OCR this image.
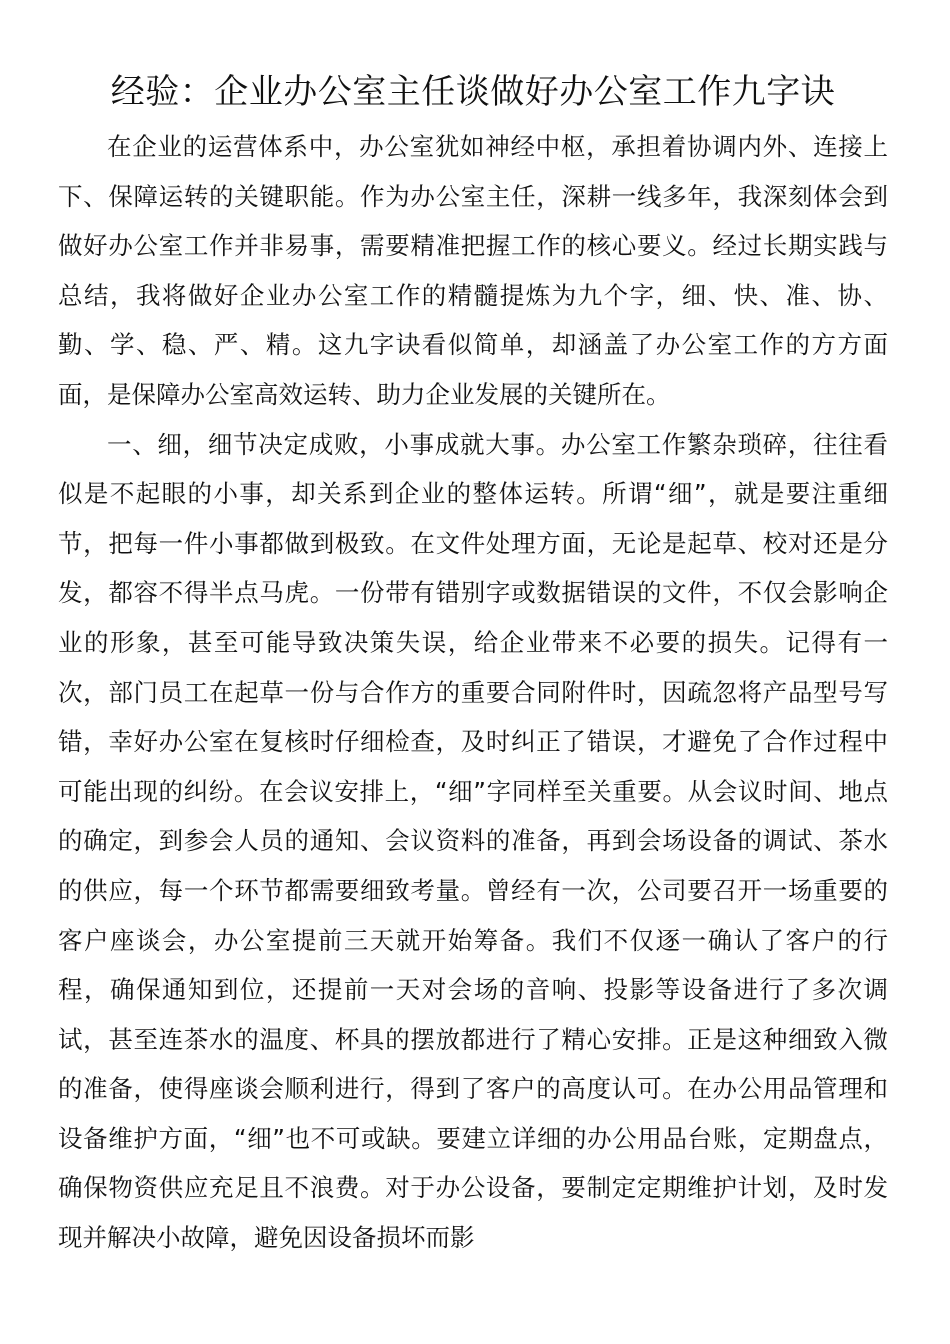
经验：企业办公室主任谈做好办公室工作九字诀

在企业的运营体系中，办公室犹如神经中枢，承担着协调内外、连接上下、保障运转的关键职能。作为办公室主任，深耕一线多年，我深刻体会到做好办公室工作并非易事，需要精准把握工作的核心要义。经过长期实践与总结，我将做好企业办公室工作的精髓提炼为九个字，细、快、准、协、勤、学、稳、严、精。这九字诀看似简单，却涵盖了办公室工作的方方面面，是保障办公室高效运转、助力企业发展的关键所在。

一、细，细节决定成败，小事成就大事。办公室工作繁杂琐碎，往往看似是不起眼的小事，却关系到企业的整体运转。所谓“细”，就是要注重细节，把每一件小事都做到极致。在文件处理方面，无论是起草、校对还是分发，都容不得半点马虎。一份带有错别字或数据错误的文件，不仅会影响企业的形象，甚至可能导致决策失误，给企业带来不必要的损失。记得有一次，部门员工在起草一份与合作方的重要合同附件时，因疏忽将产品型号写错，幸好办公室在复核时仔细检查，及时纠正了错误，才避免了合作过程中可能出现的纠纷。在会议安排上，“细”字同样至关重要。从会议时间、地点的确定，到参会人员的通知、会议资料的准备，再到会场设备的调试、茶水的供应，每一个环节都需要细致考量。曾经有一次，公司要召开一场重要的客户座谈会，办公室提前三天就开始筹备。我们不仅逐一确认了客户的行程，确保通知到位，还提前一天对会场的音响、投影等设备进行了多次调试，甚至连茶水的温度、杯具的摆放都进行了精心安排。正是这种细致入微的准备，使得座谈会顺利进行，得到了客户的高度认可。在办公用品管理和设备维护方面，“细”也不可或缺。要建立详细的办公用品台账，定期盘点，确保物资供应充足且不浪费。对于办公设备，要制定定期维护计划，及时发现并解决小故障，避免因设备损坏而影
